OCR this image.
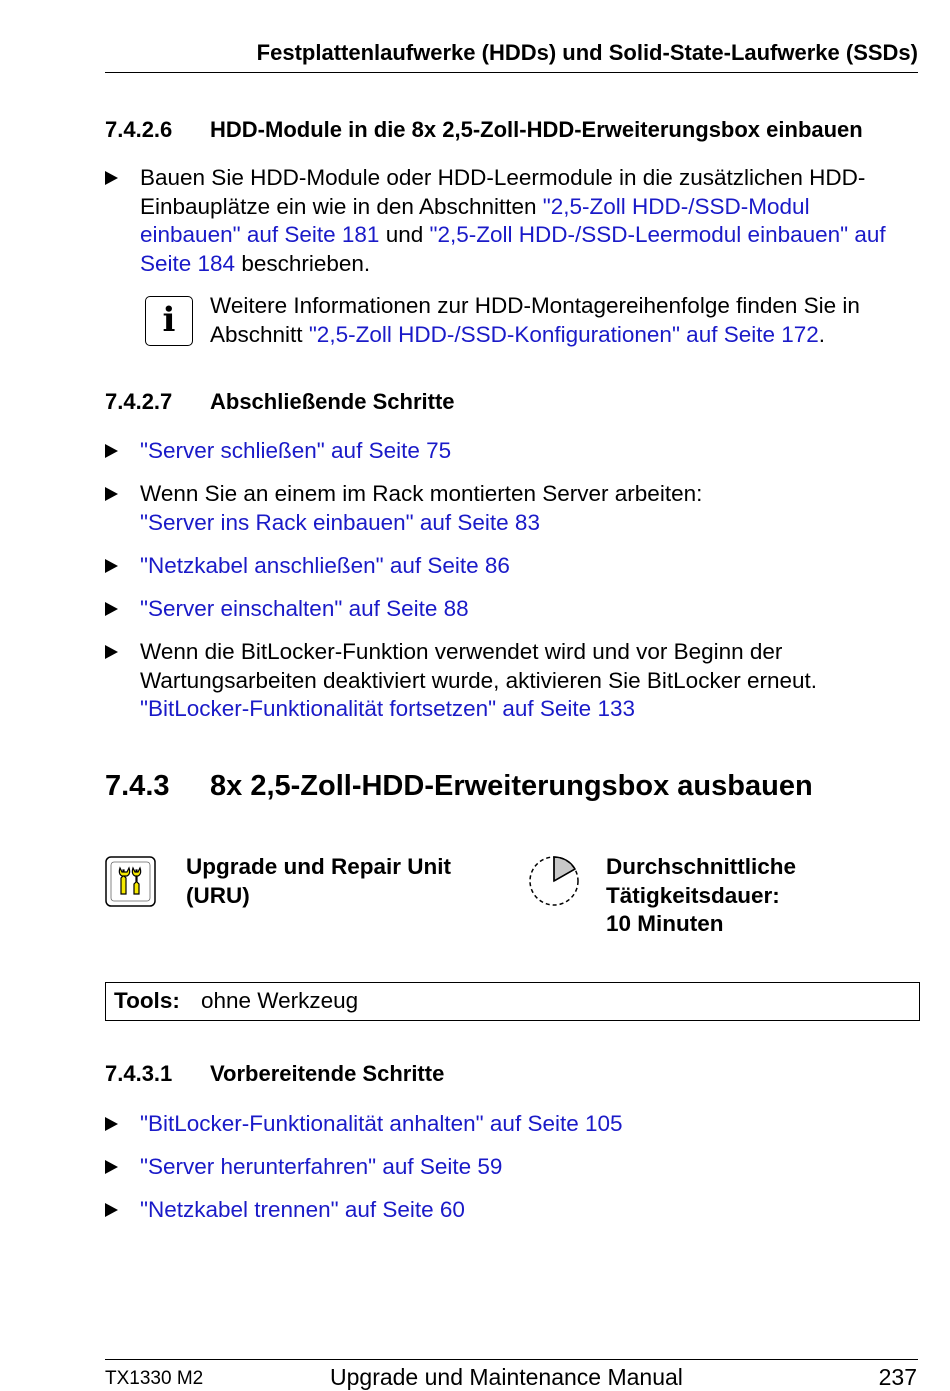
Festplattenlaufwerke (HDDs) und Solid-State-Laufwerke (SSDs)
7.4.2.6 HDD-Module in die 8x 2,5-Zoll-HDD-Erweiterungsbox einbauen
Bauen Sie HDD-Module oder HDD-Leermodule in die zusätzlichen HDD-Einbauplätze ein wie in den Abschnitten "2,5-Zoll HDD-/SSD-Modul einbauen" auf Seite 181 und "2,5-Zoll HDD-/SSD-Leermodul einbauen" auf Seite 184 beschrieben.
i	Weitere Informationen zur HDD-Montagereihenfolge finden Sie in Abschnitt "2,5-Zoll HDD-/SSD-Konfigurationen" auf Seite 172.
7.4.2.7 Abschließende Schritte
"Server schließen" auf Seite 75
Wenn Sie an einem im Rack montierten Server arbeiten:
"Server ins Rack einbauen" auf Seite 83
"Netzkabel anschließen" auf Seite 86
"Server einschalten" auf Seite 88
Wenn die BitLocker-Funktion verwendet wird und vor Beginn der Wartungsarbeiten deaktiviert wurde, aktivieren Sie BitLocker erneut.
"BitLocker-Funktionalität fortsetzen" auf Seite 133
7.4.3 8x 2,5-Zoll-HDD-Erweiterungsbox ausbauen
Upgrade und Repair Unit
(URU)
Durchschnittliche
Tätigkeitsdauer:
10 Minuten
Tools: ohne Werkzeug
7.4.3.1 Vorbereitende Schritte
"BitLocker-Funktionalität anhalten" auf Seite 105
"Server herunterfahren" auf Seite 59
"Netzkabel trennen" auf Seite 60
TX1330 M2	Upgrade und Maintenance Manual	237
